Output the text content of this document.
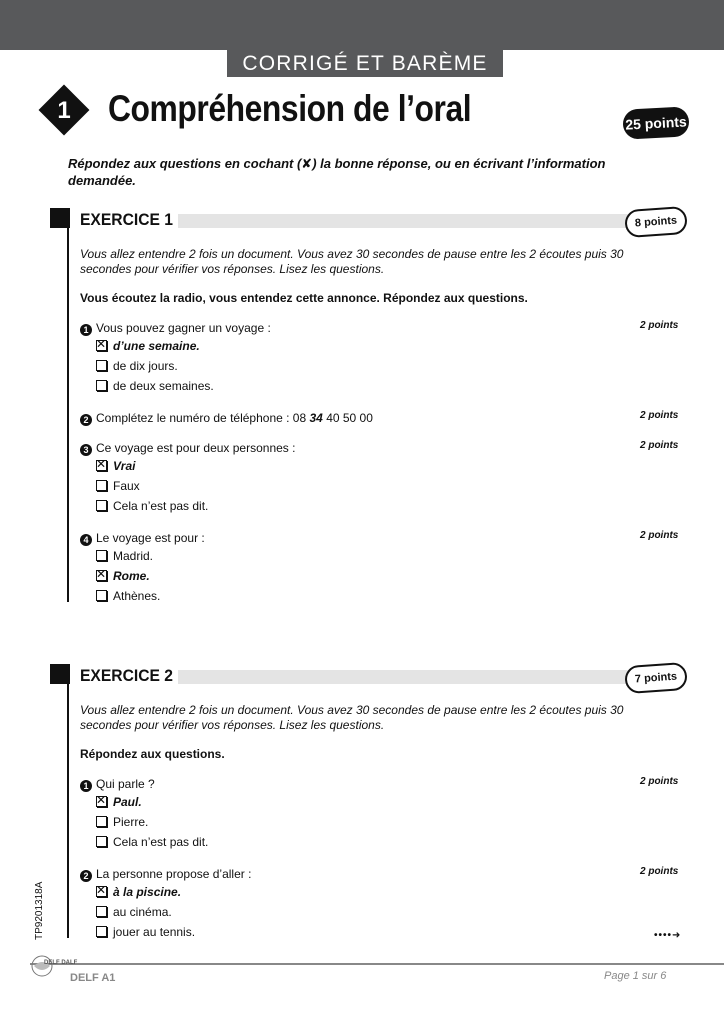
CORRIGÉ ET BARÈME
1	Compréhension de l’oral	25 points
Répondez aux questions en cochant (✘) la bonne réponse, ou en écrivant l’information demandée.
EXERCICE 1	8 points
Vous allez entendre 2 fois un document. Vous avez 30 secondes de pause entre les 2 écoutes puis 30 secondes pour vérifier vos réponses. Lisez les questions.
Vous écoutez la radio, vous entendez cette annonce. Répondez aux questions.
1 Vous pouvez gagner un voyage :	2 points
✕d’une semaine.
de dix jours.
de deux semaines.
2 Complétez le numéro de téléphone : 08 34 40 50 00	2 points
3 Ce voyage est pour deux personnes :	2 points
✕Vrai
Faux
Cela n’est pas dit.
4 Le voyage est pour :	2 points
Madrid.
✕Rome.
Athènes.
EXERCICE 2	7 points
Vous allez entendre 2 fois un document. Vous avez 30 secondes de pause entre les 2 écoutes puis 30 secondes pour vérifier vos réponses. Lisez les questions.
Répondez aux questions.
1 Qui parle ?	2 points
✕Paul.
Pierre.
Cela n’est pas dit.
2 La personne propose d’aller :	2 points
✕à la piscine.
au cinéma.
jouer au tennis.	••••➜
TP9201318A
DELF DALF
DELF A1	Page 1 sur 6
